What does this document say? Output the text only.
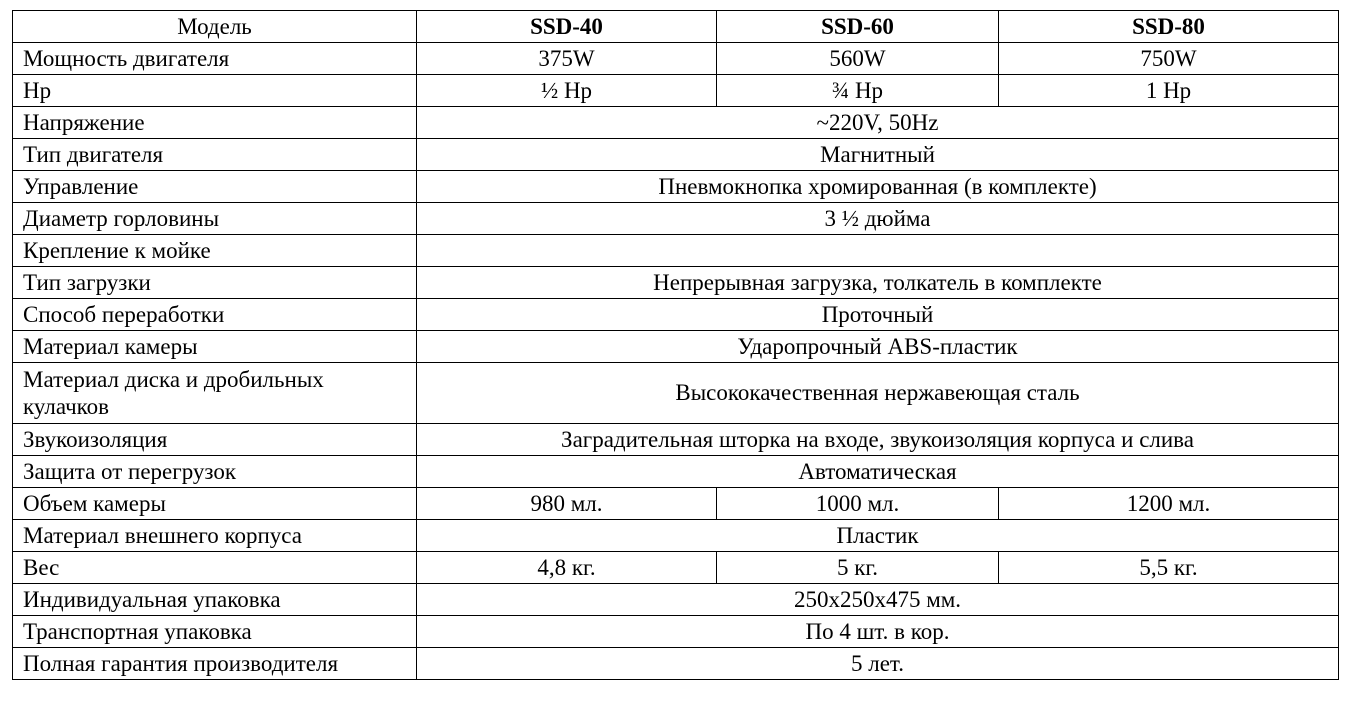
Модель	SSD-40	SSD-60	SSD-80
Мощность двигателя	375W	560W	750W
Hp	½ Hp	¾ Hp	1 Hp
Напряжение	~220V, 50Hz		
Тип двигателя	Магнитный		
Управление	Пневмокнопка хромированная (в комплекте)		
Диаметр горловины	3 ½ дюйма		
Крепление к мойке			
Тип загрузки	Непрерывная загрузка, толкатель в комплекте		
Способ переработки	Проточный		
Материал камеры	Ударопрочный ABS-пластик		
Материал диска и дробильных кулачков	Высококачественная нержавеющая сталь		
Звукоизоляция	Заградительная шторка на входе, звукоизоляция корпуса и слива		
Защита от перегрузок	Автоматическая		
Объем камеры	980 мл.	1000 мл.	1200 мл.
Материал внешнего корпуса	Пластик		
Вес	4,8 кг.	5 кг.	5,5 кг.
Индивидуальная упаковка	250x250x475 мм.		
Транспортная упаковка	По 4 шт. в кор.		
Полная гарантия производителя	5 лет.		
